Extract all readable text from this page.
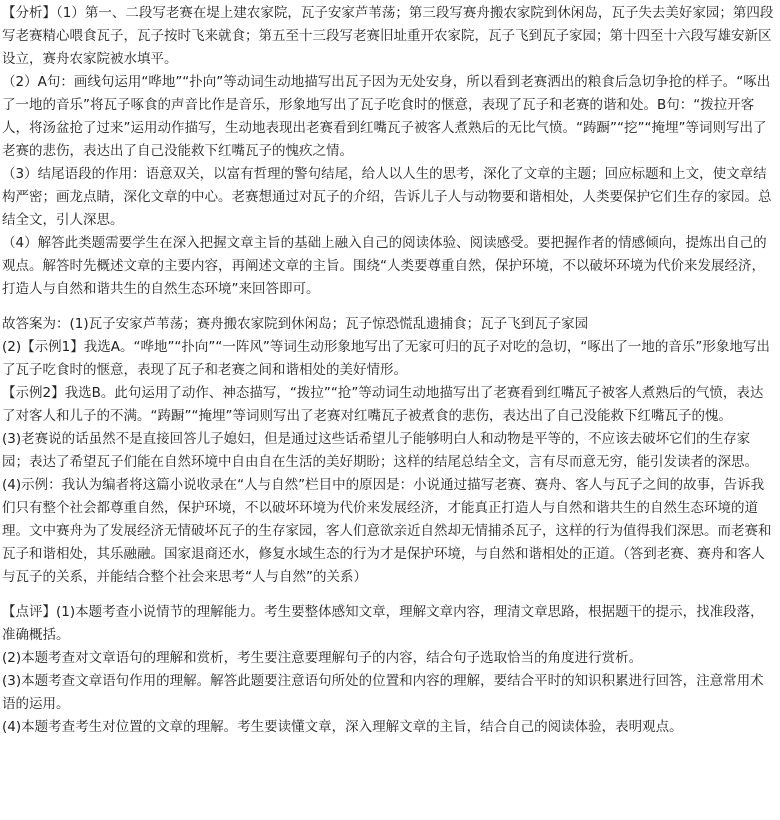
【分析】（1）第一、二段写老赛在堤上建农家院，瓦子安家芦苇荡；第三段写赛舟搬农家院到休闲岛，瓦子失去美好家园；第四段写老赛精心喂食瓦子，瓦子按时飞来就食；第五至十三段写老赛旧址重开农家院，瓦子飞到瓦子家园；第十四至十六段写雄安新区设立，赛舟农家院被水填平。

（2）A句：画线句运用“哗地”“扑向”等动词生动地描写出瓦子因为无处安身，所以看到老赛洒出的粮食后急切争抢的样子。“啄出了一地的音乐”将瓦子啄食的声音比作是音乐，形象地写出了瓦子吃食时的惬意，表现了瓦子和老赛的谐和处。B句：“拨拉开客人，将汤盆抢了过来”运用动作描写，生动地表现出老赛看到红嘴瓦子被客人煮熟后的无比气愤。“踌蹰”“挖”“掩埋”等词则写出了老赛的悲伤，表达出了自己没能救下红嘴瓦子的愧疚之情。

（3）结尾语段的作用：语意双关，以富有哲理的警句结尾，给人以人生的思考，深化了文章的主题；回应标题和上文，使文章结构严密；画龙点睛，深化文章的中心。老赛想通过对瓦子的介绍，告诉儿子人与动物要和谐相处，人类要保护它们生存的家园。总结全文，引人深思。

（4）解答此类题需要学生在深入把握文章主旨的基础上融入自己的阅读体验、阅读感受。要把握作者的情感倾向，提炼出自己的观点。解答时先概述文章的主要内容，再阐述文章的主旨。围绕“人类要尊重自然，保护环境，不以破坏环境为代价来发展经济，打造人与自然和谐共生的自然生态环境”来回答即可。

故答案为：(1)瓦子安家芦苇荡；赛舟搬农家院到休闲岛；瓦子惊恐慌乱遗捕食；瓦子飞到瓦子家园

(2)【示例1】我选A。“哗地”“扑向”“一阵风”等词生动形象地写出了无家可归的瓦子对吃的急切，“啄出了一地的音乐”形象地写出了瓦子吃食时的惬意，表现了瓦子和老赛之间和谐相处的美好情形。

【示例2】我选B。此句运用了动作、神态描写，“拨拉”“抢”等动词生动地描写出了老赛看到红嘴瓦子被客人煮熟后的气愤，表达了对客人和儿子的不满。“踌蹰”“掩埋”等词则写出了老赛对红嘴瓦子被煮食的悲伤，表达出了自己没能救下红嘴瓦子的愧。

(3)老赛说的话虽然不是直接回答儿子媳妇，但是通过这些话希望儿子能够明白人和动物是平等的，不应该去破坏它们的生存家园；表达了希望瓦子们能在自然环境中自由自在生活的美好期盼；这样的结尾总结全文，言有尽而意无穷，能引发读者的深思。

(4)示例：我认为编者将这篇小说收录在“人与自然”栏目中的原因是：小说通过描写老赛、赛舟、客人与瓦子之间的故事，告诉我们只有整个社会都尊重自然，保护环境，不以破坏环境为代价来发展经济，才能真正打造人与自然和谐共生的自然生态环境的道理。文中赛舟为了发展经济无情破坏瓦子的生存家园，客人们意欲亲近自然却无情捕杀瓦子，这样的行为值得我们深思。而老赛和瓦子和谐相处，其乐融融。国家退商还水，修复水域生态的行为才是保护环境，与自然和谐相处的正道。（答到老赛、赛舟和客人与瓦子的关系，并能结合整个社会来思考“人与自然”的关系）

【点评】(1)本题考查小说情节的理解能力。考生要整体感知文章，理解文章内容，理清文章思路，根据题干的提示，找准段落，准确概括。

(2)本题考查对文章语句的理解和赏析，考生要注意要理解句子的内容，结合句子选取恰当的角度进行赏析。

(3)本题考查文章语句作用的理解。解答此题要注意语句所处的位置和内容的理解，要结合平时的知识积累进行回答，注意常用术语的运用。

(4)本题考查考生对位置的文章的理解。考生要读懂文章，深入理解文章的主旨，结合自己的阅读体验，表明观点。
